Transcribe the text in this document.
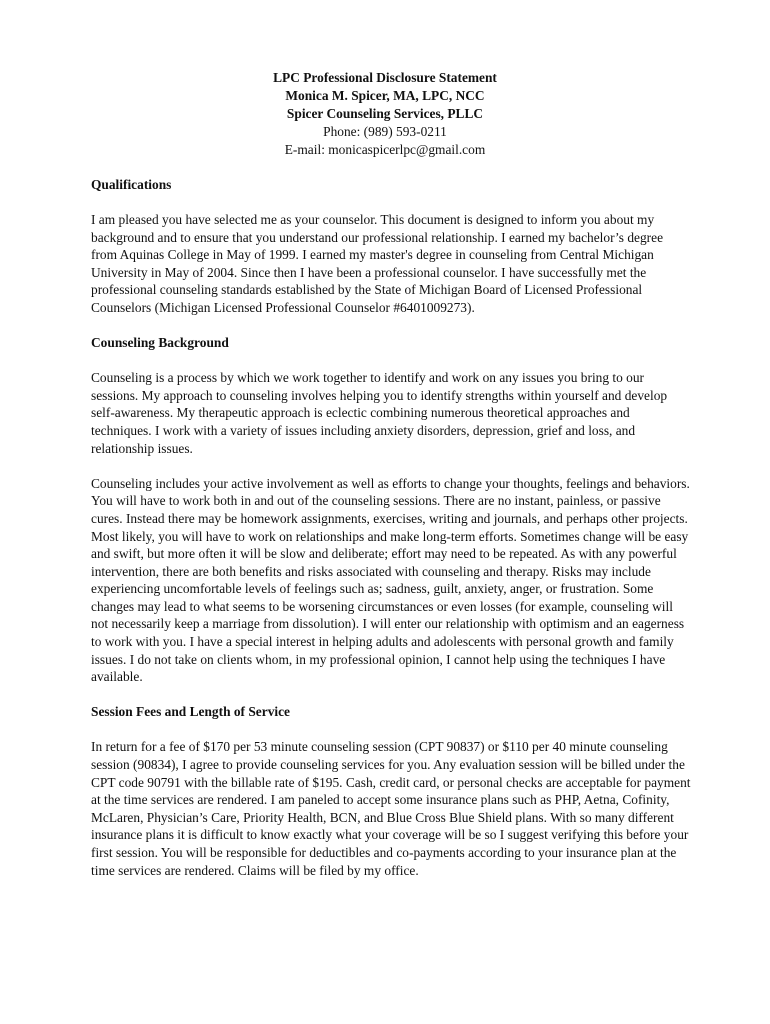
LPC Professional Disclosure Statement
Monica M. Spicer, MA, LPC, NCC
Spicer Counseling Services, PLLC
Phone: (989) 593-0211
E-mail: monicaspicerlpc@gmail.com
Qualifications

I am pleased you have selected me as your counselor. This document is designed to inform you about my background and to ensure that you understand our professional relationship. I earned my bachelor’s degree from Aquinas College in May of 1999. I earned my master's degree in counseling from Central Michigan University in May of 2004. Since then I have been a professional counselor. I have successfully met the professional counseling standards established by the State of Michigan Board of Licensed Professional Counselors (Michigan Licensed Professional Counselor #6401009273).

Counseling Background

Counseling is a process by which we work together to identify and work on any issues you bring to our sessions. My approach to counseling involves helping you to identify strengths within yourself and develop self-awareness. My therapeutic approach is eclectic combining numerous theoretical approaches and techniques. I work with a variety of issues including anxiety disorders, depression, grief and loss, and relationship issues.

Counseling includes your active involvement as well as efforts to change your thoughts, feelings and behaviors. You will have to work both in and out of the counseling sessions. There are no instant, painless, or passive cures. Instead there may be homework assignments, exercises, writing and journals, and perhaps other projects. Most likely, you will have to work on relationships and make long-term efforts. Sometimes change will be easy and swift, but more often it will be slow and deliberate; effort may need to be repeated. As with any powerful intervention, there are both benefits and risks associated with counseling and therapy. Risks may include experiencing uncomfortable levels of feelings such as; sadness, guilt, anxiety, anger, or frustration. Some changes may lead to what seems to be worsening circumstances or even losses (for example, counseling will not necessarily keep a marriage from dissolution). I will enter our relationship with optimism and an eagerness to work with you. I have a special interest in helping adults and adolescents with personal growth and family issues. I do not take on clients whom, in my professional opinion, I cannot help using the techniques I have available.

Session Fees and Length of Service

In return for a fee of $170 per 53 minute counseling session (CPT 90837) or $110 per 40 minute counseling session (90834), I agree to provide counseling services for you. Any evaluation session will be billed under the CPT code 90791 with the billable rate of $195. Cash, credit card, or personal checks are acceptable for payment at the time services are rendered. I am paneled to accept some insurance plans such as PHP, Aetna, Cofinity, McLaren, Physician’s Care, Priority Health, BCN, and Blue Cross Blue Shield plans. With so many different insurance plans it is difficult to know exactly what your coverage will be so I suggest verifying this before your first session. You will be responsible for deductibles and co-payments according to your insurance plan at the time services are rendered. Claims will be filed by my office.
